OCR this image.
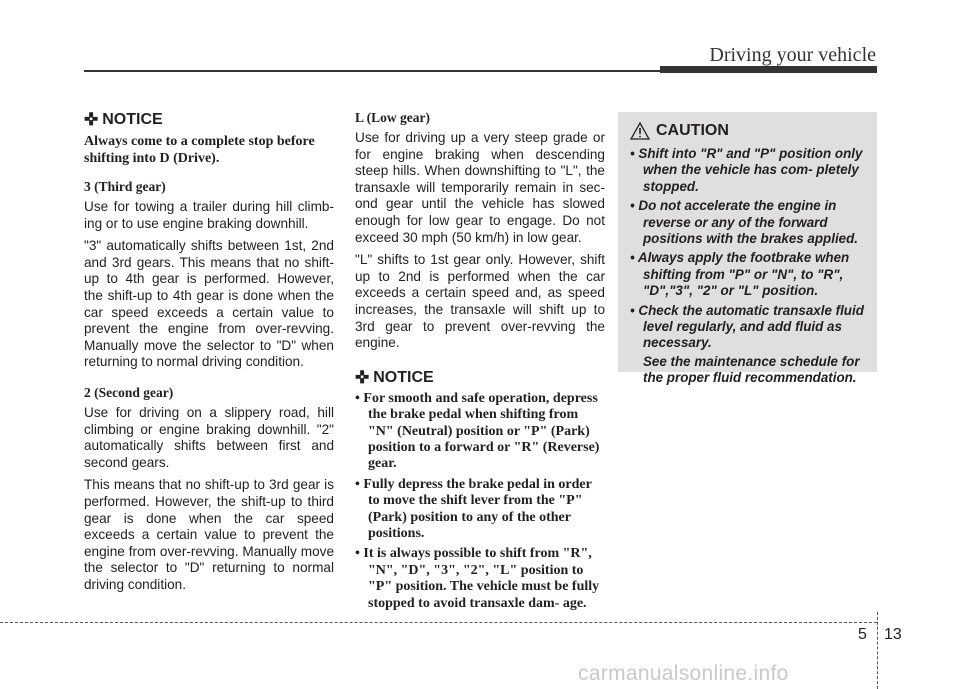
Driving your vehicle
✜ NOTICE
Always come to a complete stop before shifting into D (Drive).
3 (Third gear)

Use for towing a trailer during hill climb- ing or to use engine braking downhill.

"3" automatically shifts between 1st, 2nd and 3rd gears. This means that no shift- up to 4th gear is performed. However, the shift-up to 4th gear is done when the car speed exceeds a certain value to prevent the engine from over-revving. Manually move the selector to "D" when returning to normal driving condition.

2 (Second gear)

Use for driving on a slippery road, hill climbing or engine braking downhill. "2" automatically shifts between first and second gears.

This means that no shift-up to 3rd gear is performed. However, the shift-up to third gear is done when the car speed exceeds a certain value to prevent the engine from over-revving. Manually move the selector to "D" returning to normal driving condition.

L (Low gear)

Use for driving up a very steep grade or for engine braking when descending steep hills. When downshifting to "L", the transaxle will temporarily remain in sec- ond gear until the vehicle has slowed enough for low gear to engage. Do not exceed 30 mph (50 km/h) in low gear.

"L" shifts to 1st gear only. However, shift up to 2nd is performed when the car exceeds a certain speed and, as speed increases, the transaxle will shift up to 3rd gear to prevent over-revving the engine.

✜ NOTICE
• For smooth and safe operation, depress the brake pedal when shifting from "N" (Neutral) position or "P" (Park) position to a forward or "R" (Reverse) gear.
• Fully depress the brake pedal in order to move the shift lever from the "P" (Park) position to any of the other positions.
• It is always possible to shift from "R", "N", "D", "3", "2", "L" position to "P" position. The vehicle must be fully stopped to avoid transaxle dam- age.
CAUTION
• Shift into "R" and "P" position only when the vehicle has com- pletely stopped.
• Do not accelerate the engine in reverse or any of the forward positions with the brakes applied.
• Always apply the footbrake when shifting from "P" or "N", to "R", "D","3", "2" or "L" position.
• Check the automatic transaxle fluid level regularly, and add fluid as necessary.
See the maintenance schedule for the proper fluid recommendation.
5 13
carmanualsonline.info
